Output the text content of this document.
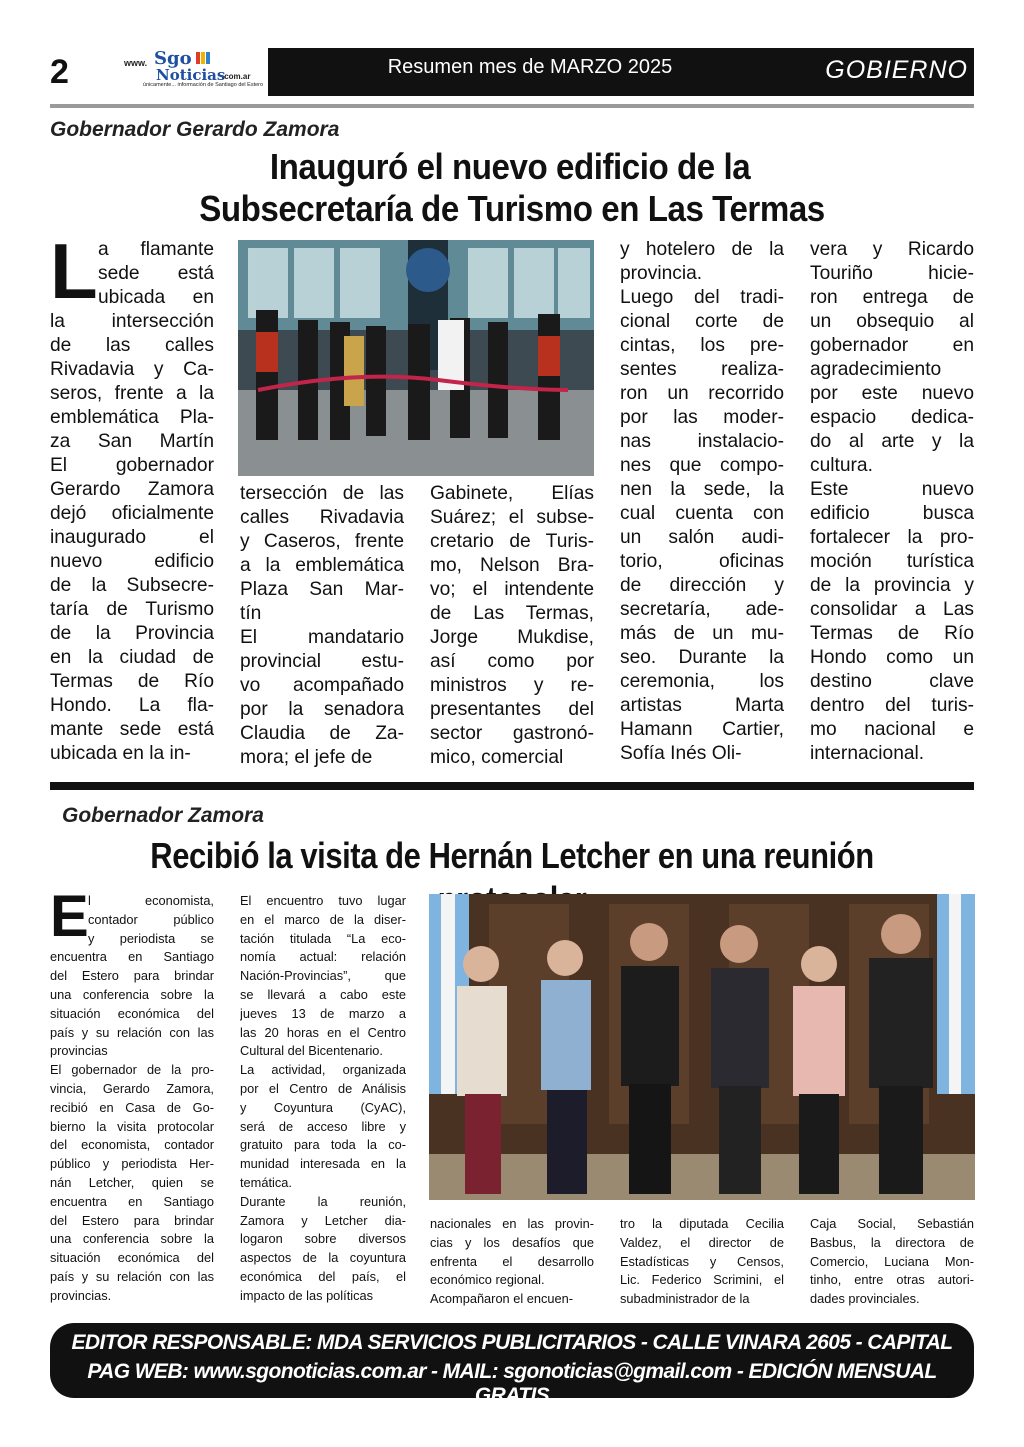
2	www. Sgo
Noticias
.com.ar
únicamente... información de Santiago del Estero
Resumen mes de MARZO 2025	GOBIERNO
Gobernador Gerardo Zamora
Inauguró el nuevo edificio de la
Subsecretaría de Turismo en Las Termas
L a flamante
sede está
ubicada en
la intersección
de las calles
Rivadavia y Ca-
seros, frente a la
emblemática Pla-
za San Martín
El gobernador
Gerardo Zamora
dejó oficialmente
inaugurado el
nuevo edificio
de la Subsecre-
taría de Turismo
de la Provincia
en la ciudad de
Termas de Río
Hondo. La fla-
mante sede está
ubicada en la in-
tersección de las
calles Rivadavia
y Caseros, frente
a la emblemática
Plaza San Mar-
tín
El mandatario
provincial estu-
vo acompañado
por la senadora
Claudia de Za-
mora; el jefe de
Gabinete, Elías
Suárez; el subse-
cretario de Turis-
mo, Nelson Bra-
vo; el intendente
de Las Termas,
Jorge Mukdise,
así como por
ministros y re-
presentantes del
sector gastronó-
mico, comercial
y hotelero de la
provincia.
Luego del tradi-
cional corte de
cintas, los pre-
sentes realiza-
ron un recorrido
por las moder-
nas instalacio-
nes que compo-
nen la sede, la
cual cuenta con
un salón audi-
torio, oficinas
de dirección y
secretaría, ade-
más de un mu-
seo. Durante la
ceremonia, los
artistas Marta
Hamann Cartier,
Sofía Inés Oli-
vera y Ricardo
Touriño hicie-
ron entrega de
un obsequio al
gobernador en
agradecimiento
por este nuevo
espacio dedica-
do al arte y la
cultura.
Este nuevo
edificio busca
fortalecer la pro-
moción turística
de la provincia y
consolidar a Las
Termas de Río
Hondo como un
destino clave
dentro del turis-
mo nacional e
internacional.
Gobernador Zamora
Recibió la visita de Hernán Letcher en una reunión
E l economista,
contador público
y periodista se
encuentra en Santiago
del Estero para brindar
una conferencia sobre la
situación económica del
país y su relación con las
provincias
El gobernador de la pro-
vincia, Gerardo Zamora,
recibió en Casa de Go-
bierno la visita protocolar
del economista, contador
público y periodista Her-
nán Letcher, quien se
encuentra en Santiago
del Estero para brindar
una conferencia sobre la
situación económica del
país y su relación con las
provincias.
El encuentro tuvo lugar
en el marco de la diser-
tación titulada “La eco-
nomía actual: relación
Nación-Provincias”, que
se llevará a cabo este
jueves 13 de marzo a
las 20 horas en el Centro
Cultural del Bicentenario.
La actividad, organizada
por el Centro de Análisis
y Coyuntura (CyAC),
será de acceso libre y
gratuito para toda la co-
munidad interesada en la
temática.
Durante la reunión,
Zamora y Letcher dia-
logaron sobre diversos
aspectos de la coyuntura
económica del país, el
impacto de las políticas
nacionales en las provin-
cias y los desafíos que
enfrenta el desarrollo
económico regional.
Acompañaron el encuen-
tro la diputada Cecilia
Valdez, el director de
Estadísticas y Censos,
Lic. Federico Scrimini, el
subadministrador de la
Caja Social, Sebastián
Basbus, la directora de
Comercio, Luciana Mon-
tinho, entre otras autori-
dades provinciales.
EDITOR RESPONSABLE: MDA SERVICIOS PUBLICITARIOS - CALLE VINARA 2605 - CAPITAL
PAG WEB: www.sgonoticias.com.ar - MAIL: sgonoticias@gmail.com - EDICIÓN MENSUAL GRATIS
